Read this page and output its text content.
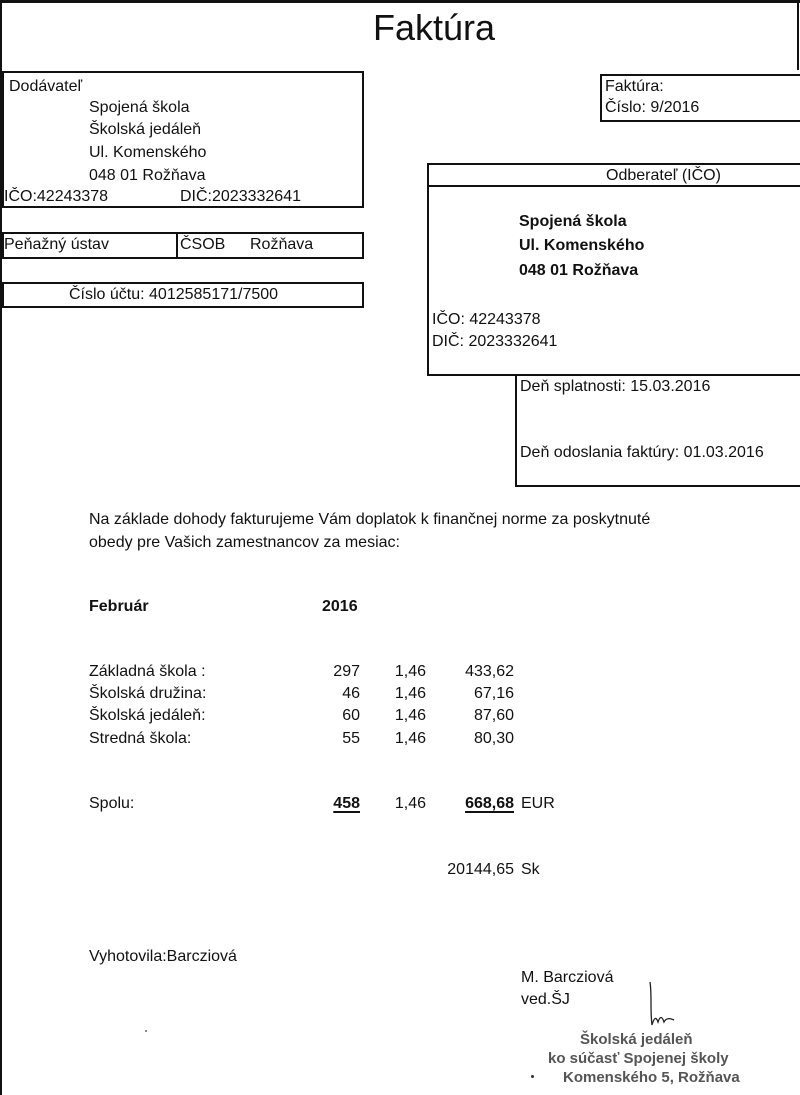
Faktúra
Dodávateľ
Spojená škola
Školská jedáleň
Ul. Komenského
048 01 Rožňava
IČO:42243378	DIČ:2023332641
Peňažný ústav	ČSOB Rožňava
Číslo účtu: 4012585171/7500
Faktúra:
Číslo: 9/2016
Odberateľ (IČO)
Spojená škola
Ul. Komenského
048 01 Rožňava
IČO: 42243378
DIČ: 2023332641
Deň splatnosti: 15.03.2016
Deň odoslania faktúry: 01.03.2016
Na základe dohody fakturujeme Vám doplatok k finančnej norme za poskytnuté
obedy pre Vašich zamestnancov za mesiac:
Február	2016
Základná škola :	297	1,46	433,62
Školská družina:	46	1,46	67,16
Školská jedáleň:	60	1,46	87,60
Stredná škola:	55	1,46	80,30
Spolu:	458	1,46	668,68 EUR
20144,65 Sk
Vyhotovila:Barcziová
M. Barcziová
ved.ŠJ
Školská jedáleň
ko súčasť Spojenej školy
Komenského 5, Rožňava
